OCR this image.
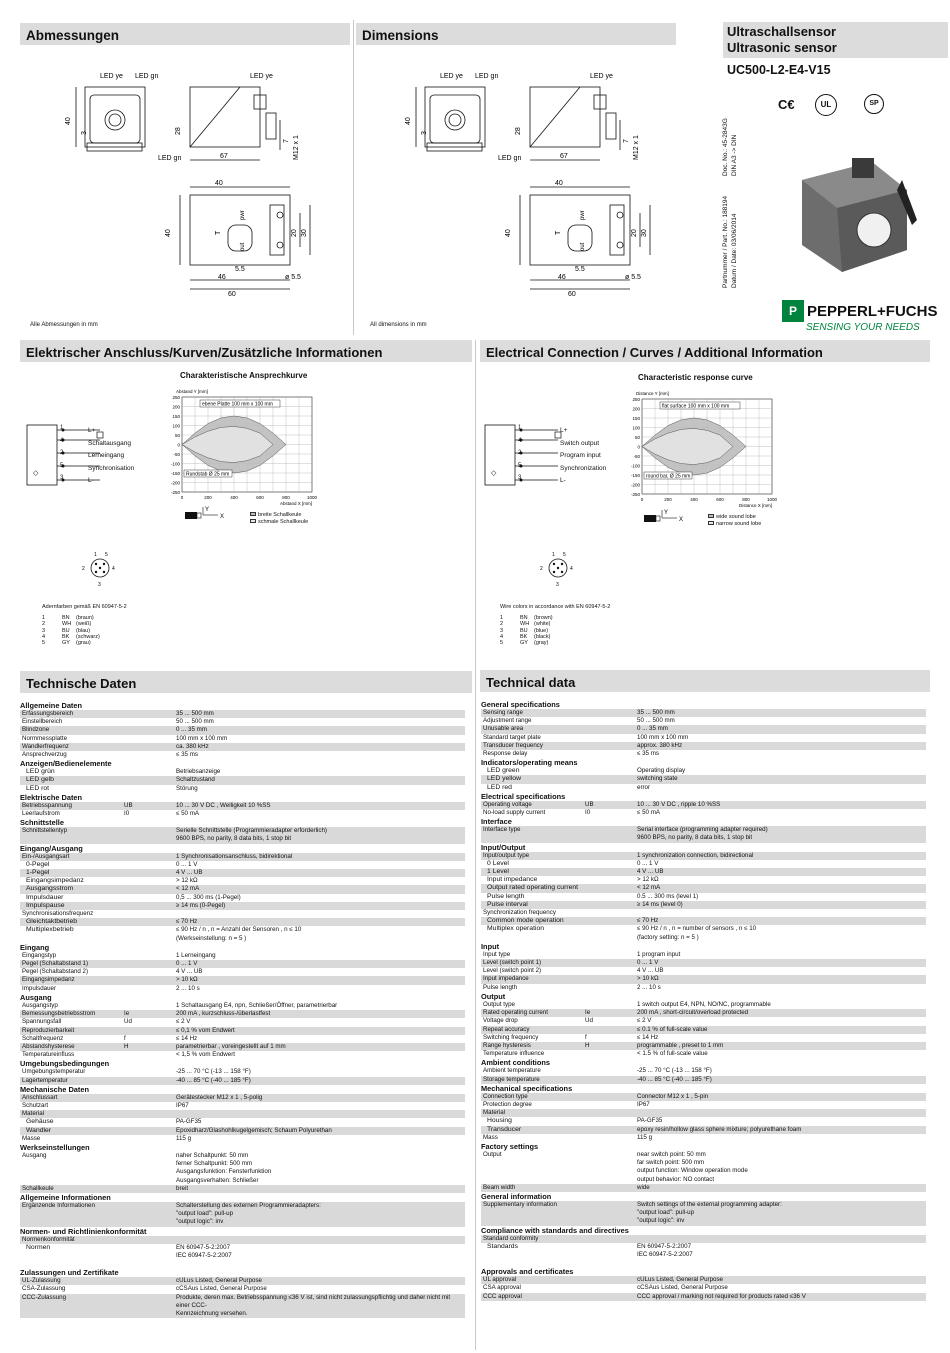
Abmessungen	Dimensions	Ultraschallsensor
Ultrasonic sensor
UC500-L2-E4-V15
C€	UL	SP
Doc. No.: 45-2843G
DIN A3 -> DIN
Partnummer / Part. No.: 188194
Datum / Date: 03/06/2014
P PEPPERL+FUCHS
SENSING YOUR NEEDS
LED ye LED gn	LED ye
LED gn
40
3	28
67
7 M12 x 1
40
40	T
out
pwr
20 30
5.5
46	ø 5.5
60
Alle Abmessungen in mm
LED ye LED gn	LED ye
LED gn
40
3	28
67
7 M12 x 1
40
40	T
out
pwr
20 30
5.5
46	ø 5.5
60
All dimensions in mm
Elektrischer Anschluss/Kurven/Zusätzliche Informationen	Electrical Connection / Curves / Additional Information
◇
L+
Schaltausgang
Lerneingang
Synchronisation
L-
1
4
2
5
3
◇
L+
Switch output
Program input
Synchronization
L-
1
4
2
5
3
Charakteristische Ansprechkurve	Characteristic response curve
250
200
150
100
50
0
-50
-100
-150
-200
-250
0	200	400	600	800	1000
Abstand Y [mm]
Abstand X [mm]
ebene Platte 100 mm x 100 mm
Rundstab Ø 25 mm
250
200
150
100
50
0
-50
-100
-150
-200
-250
0	200	400	600	800	1000
Distance Y [mm]
Distance X [mm]
flat surface 100 mm x 100 mm
round bar, Ø 25 mm
breite Schallkeule
schmale Schallkeule
wide sound lobe
narrow sound lobe
X
Y
X
Y
1 5
2	4
3
1 5
2	4
3
Adernfarben gemäß EN 60947-5-2
1	BN	(braun)
2	WH (weiß)
3	BU	(blau)
4	BK	(schwarz)
5	GY	(grau)
Wire colors in accordance with EN 60947-5-2
1	BN	(brown)
2	WH (white)
3	BU	(blue)
4	BK	(black)
5	GY	(gray)
Technische Daten	Technical data
Allgemeine Daten
Erfassungsbereich	35 ... 500 mm
Einstellbereich	50 ... 500 mm
Blindzone	0 ... 35 mm
Normmessplatte	100 mm x 100 mm
Wandlerfrequenz	ca. 380 kHz
Ansprechverzug	≤ 35 ms
Anzeigen/Bedienelemente
LED grün	Betriebsanzeige
LED gelb	Schaltzustand
LED rot	Störung
Elektrische Daten
Betriebsspannung	UB	10 ... 30 V DC , Welligkeit 10 %SS
Leerlaufstrom	I0	≤ 50 mA
Schnittstelle
Schnittstellentyp	Serielle Schnittstelle (Programmieradapter erforderlich)
9600 BPS, no parity, 8 data bits, 1 stop bit
Eingang/Ausgang
Ein-/Ausgangsart	1 Synchronisationsanschluss, bidirektional
0-Pegel	0 ... 1 V
1-Pegel	4 V ... UB
Eingangsimpedanz	> 12 kΩ
Ausgangsstrom	< 12 mA
Impulsdauer	0,5 ... 300 ms (1-Pegel)
Impulspause	≥ 14 ms (0-Pegel)
Synchronisationsfrequenz
Gleichtaktbetrieb	≤ 70 Hz
Multiplexbetrieb	≤ 90 Hz / n , n = Anzahl der Sensoren , n ≤ 10
(Werkseinstellung: n = 5 )
Eingang
Eingangstyp	1 Lerneingang
Pegel (Schaltabstand 1)	0 ... 1 V
Pegel (Schaltabstand 2)	4 V ... UB
Eingangsimpedanz	> 10 kΩ
Impulsdauer	2 ... 10 s
Ausgang
Ausgangstyp	1 Schaltausgang E4, npn, Schließer/Öffner, parametrierbar
Bemessungsbetriebsstrom	Ie	200 mA , kurzschluss-/überlastfest
Spannungsfall	Ud	≤ 2 V
Reproduzierbarkeit	≤ 0,1 % vom Endwert
Schaltfrequenz	f	≤ 14 Hz
Abstandshysterese	H	parametrierbar , voreingestellt auf 1 mm
Temperatureinfluss	< 1,5 % vom Endwert
Umgebungsbedingungen
Umgebungstemperatur	-25 ... 70 °C (-13 ... 158 °F)
Lagertemperatur	-40 ... 85 °C (-40 ... 185 °F)
Mechanische Daten
Anschlussart	Gerätestecker M12 x 1 , 5-polig
Schutzart	IP67
Material
Gehäuse	PA-GF35
Wandler	Epoxidharz/Glashohlkugelgemisch; Schaum Polyurethan
Masse	115 g
Werkseinstellungen
Ausgang	naher Schaltpunkt: 50 mm
ferner Schaltpunkt: 500 mm
Ausgangsfunktion: Fensterfunktion
Ausgangsverhalten: Schließer
Schallkeule	breit
Allgemeine Informationen
Ergänzende Informationen	Schalterstellung des externen Programmieradapters:
"output load": pull-up
"output logic": inv
Normen- und Richtlinienkonformität
Normenkonformität
Normen	EN 60947-5-2:2007
IEC 60947-5-2:2007
Zulassungen und Zertifikate
UL-Zulassung	cULus Listed, General Purpose
CSA-Zulassung	cCSAus Listed, General Purpose
CCC-Zulassung	Produkte, deren max. Betriebsspannung ≤36 V ist, sind nicht zulassungspflichtig und daher nicht mit einer CCC-
Kennzeichnung versehen.
General specifications
Sensing range	35 ... 500 mm
Adjustment range	50 ... 500 mm
Unusable area	0 ... 35 mm
Standard target plate	100 mm x 100 mm
Transducer frequency	approx. 380 kHz
Response delay	≤ 35 ms
Indicators/operating means
LED green	Operating display
LED yellow	switching state
LED red	error
Electrical specifications
Operating voltage	UB	10 ... 30 V DC , ripple 10 %SS
No-load supply current	I0	≤ 50 mA
Interface
Interface type	Serial interface (programming adapter required)
9600 BPS, no parity, 8 data bits, 1 stop bit
Input/Output
Input/output type	1 synchronization connection, bidirectional
0 Level	0 ... 1 V
1 Level	4 V ... UB
Input impedance	> 12 kΩ
Output rated operating current	< 12 mA
Pulse length	0.5 ... 300 ms (level 1)
Pulse interval	≥ 14 ms (level 0)
Synchronization frequency
Common mode operation	≤ 70 Hz
Multiplex operation	≤ 90 Hz / n , n = number of sensors , n ≤ 10
(factory setting: n = 5 )
Input
Input type	1 program input
Level (switch point 1)	0 ... 1 V
Level (switch point 2)	4 V ... UB
Input impedance	> 10 kΩ
Pulse length	2 ... 10 s
Output
Output type	1 switch output E4, NPN, NO/NC, programmable
Rated operating current	Ie	200 mA , short-circuit/overload protected
Voltage drop	Ud	≤ 2 V
Repeat accuracy	≤ 0.1 % of full-scale value
Switching frequency	f	≤ 14 Hz
Range hysteresis	H	programmable , preset to 1 mm
Temperature influence	< 1.5 % of full-scale value
Ambient conditions
Ambient temperature	-25 ... 70 °C (-13 ... 158 °F)
Storage temperature	-40 ... 85 °C (-40 ... 185 °F)
Mechanical specifications
Connection type	Connector M12 x 1 , 5-pin
Protection degree	IP67
Material
Housing	PA-GF35
Transducer	epoxy resin/hollow glass sphere mixture; polyurethane foam
Mass	115 g
Factory settings
Output	near switch point: 50 mm
far switch point: 500 mm
output function: Window operation mode
output behavior: NO contact
Beam width	wide
General information
Supplementary information	Switch settings of the external programming adapter:
"output load": pull-up
"output logic": inv
Compliance with standards and directives
Standard conformity
Standards	EN 60947-5-2:2007
IEC 60947-5-2:2007
Approvals and certificates
UL approval	cULus Listed, General Purpose
CSA approval	cCSAus Listed, General Purpose
CCC approval	CCC approval / marking not required for products rated ≤36 V
